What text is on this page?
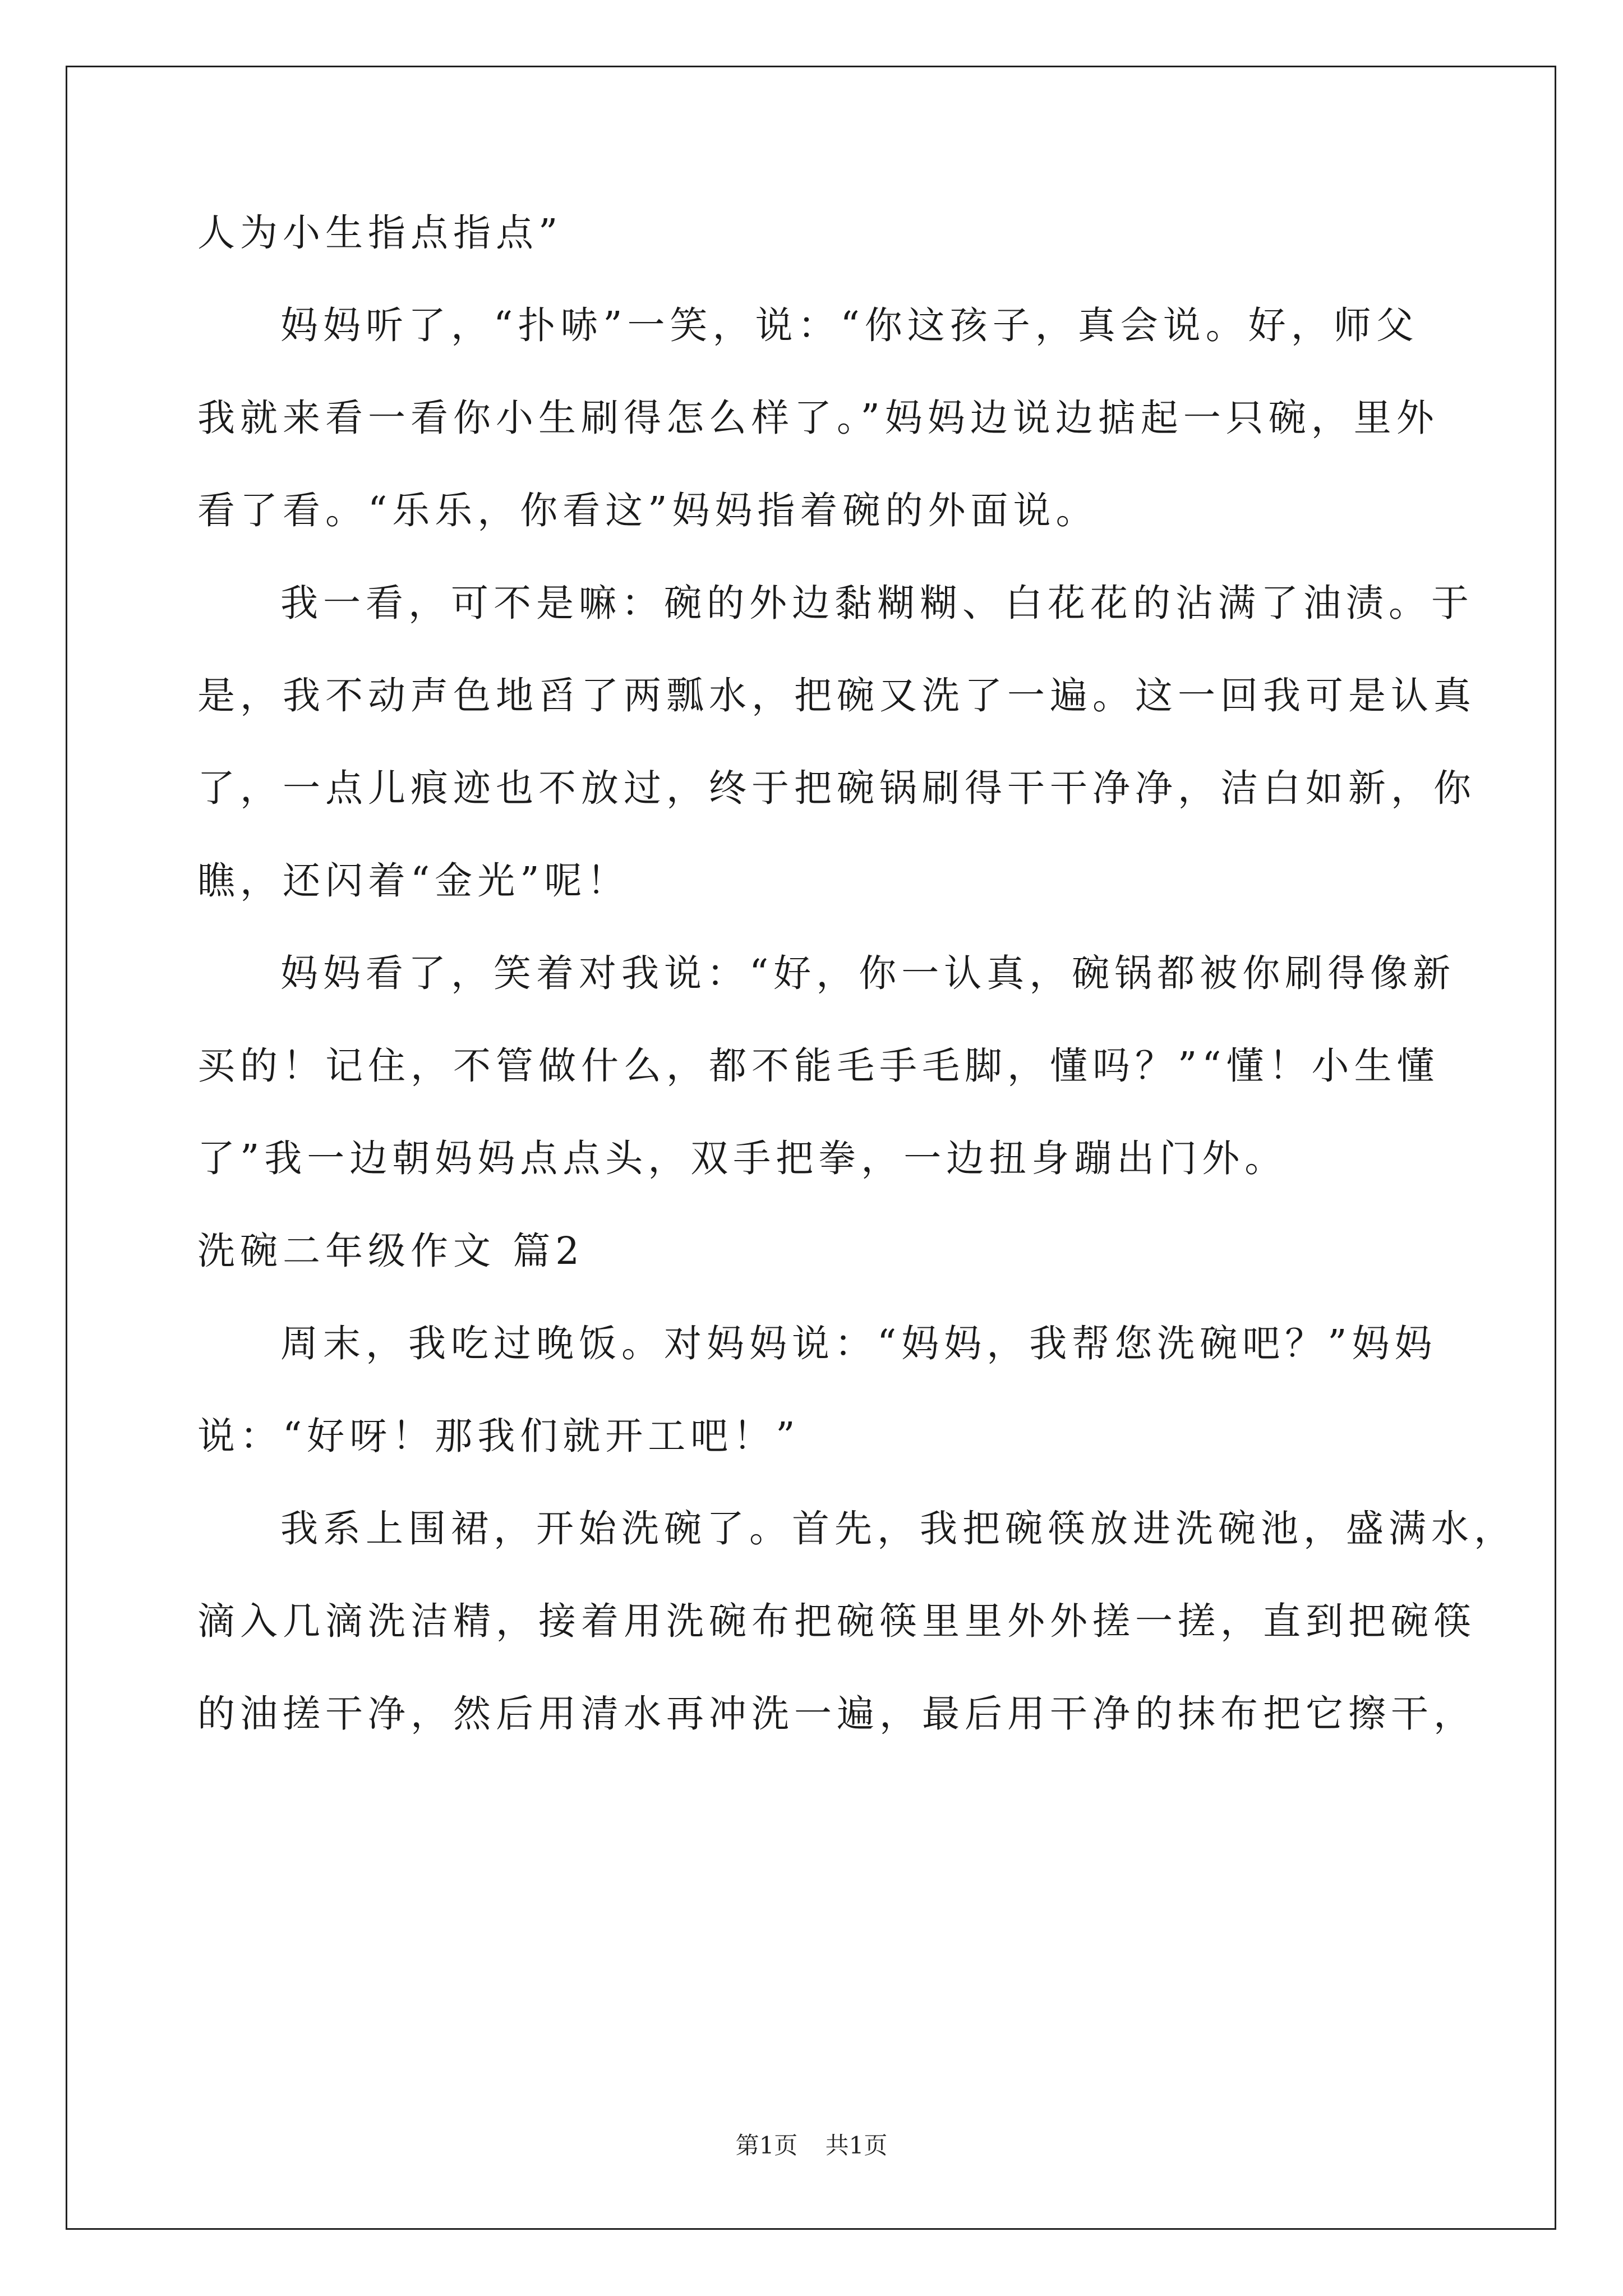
人为小生指点指点”
妈妈听了，“扑哧”一笑，说：“你这孩子，真会说。好，师父
我就来看一看你小生刷得怎么样了。”妈妈边说边掂起一只碗，里外
看了看。“乐乐，你看这”妈妈指着碗的外面说。
我一看，可不是嘛：碗的外边黏糊糊、白花花的沾满了油渍。于
是，我不动声色地舀了两瓢水，把碗又洗了一遍。这一回我可是认真
了，一点儿痕迹也不放过，终于把碗锅刷得干干净净，洁白如新，你
瞧，还闪着“金光”呢！
妈妈看了，笑着对我说：“好，你一认真，碗锅都被你刷得像新
买的！记住，不管做什么，都不能毛手毛脚，懂吗？”“懂！小生懂
了”我一边朝妈妈点点头，双手把拳，一边扭身蹦出门外。
洗碗二年级作文 篇2
周末，我吃过晚饭。对妈妈说：“妈妈，我帮您洗碗吧？”妈妈
说：“好呀！那我们就开工吧！”
我系上围裙，开始洗碗了。首先，我把碗筷放进洗碗池，盛满水，
滴入几滴洗洁精，接着用洗碗布把碗筷里里外外搓一搓，直到把碗筷
的油搓干净，然后用清水再冲洗一遍，最后用干净的抹布把它擦干，
第1页 共1页
